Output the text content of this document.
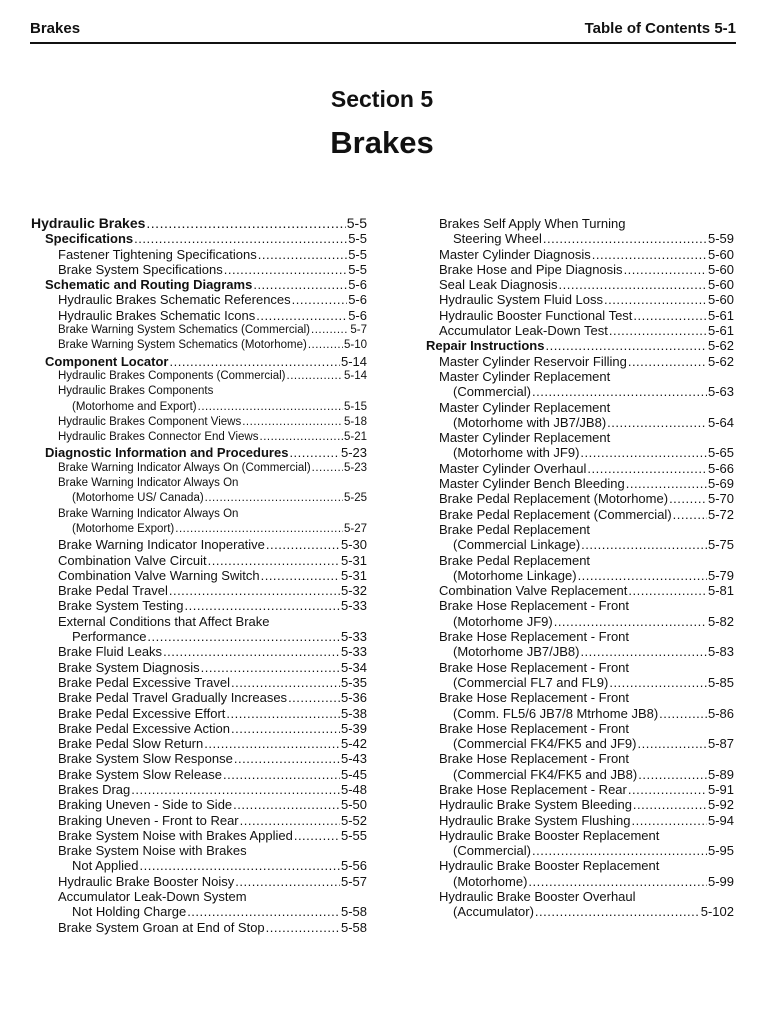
Brakes	Table of Contents 5-1
Section 5
Brakes
Hydraulic Brakes .....	5-5
Specifications .....	5-5
Fastener Tightening Specifications .....	5-5
Brake System Specifications .....	5-5
Schematic and Routing Diagrams .....	5-6
Hydraulic Brakes Schematic References .....	5-6
Hydraulic Brakes Schematic Icons .....	5-6
Brake Warning System Schematics (Commercial) .....	5-7
Brake Warning System Schematics (Motorhome) .....	5-10
Component Locator .....	5-14
Hydraulic Brakes Components (Commercial) .....	5-14
Hydraulic Brakes Components
(Motorhome and Export) .....	5-15
Hydraulic Brakes Component Views .....	5-18
Hydraulic Brakes Connector End Views .....	5-21
Diagnostic Information and Procedures .....	5-23
Brake Warning Indicator Always On (Commercial) .....	5-23
Brake Warning Indicator Always On
(Motorhome US/ Canada) .....	5-25
Brake Warning Indicator Always On
(Motorhome Export) .....	5-27
Brake Warning Indicator Inoperative .....	5-30
Combination Valve Circuit .....	5-31
Combination Valve Warning Switch .....	5-31
Brake Pedal Travel .....	5-32
Brake System Testing .....	5-33
External Conditions that Affect Brake
Performance .....	5-33
Brake Fluid Leaks .....	5-33
Brake System Diagnosis .....	5-34
Brake Pedal Excessive Travel .....	5-35
Brake Pedal Travel Gradually Increases .....	5-36
Brake Pedal Excessive Effort .....	5-38
Brake Pedal Excessive Action .....	5-39
Brake Pedal Slow Return .....	5-42
Brake System Slow Response .....	5-43
Brake System Slow Release .....	5-45
Brakes Drag .....	5-48
Braking Uneven - Side to Side .....	5-50
Braking Uneven - Front to Rear .....	5-52
Brake System Noise with Brakes Applied .....	5-55
Brake System Noise with Brakes
Not Applied .....	5-56
Hydraulic Brake Booster Noisy .....	5-57
Accumulator Leak-Down System
Not Holding Charge .....	5-58
Brake System Groan at End of Stop .....	5-58
Brakes Self Apply When Turning
Steering Wheel .....	5-59
Master Cylinder Diagnosis .....	5-60
Brake Hose and Pipe Diagnosis .....	5-60
Seal Leak Diagnosis .....	5-60
Hydraulic System Fluid Loss .....	5-60
Hydraulic Booster Functional Test .....	5-61
Accumulator Leak-Down Test .....	5-61
Repair Instructions .....	5-62
Master Cylinder Reservoir Filling .....	5-62
Master Cylinder Replacement
(Commercial) .....	5-63
Master Cylinder Replacement
(Motorhome with JB7/JB8) .....	5-64
Master Cylinder Replacement
(Motorhome with JF9) .....	5-65
Master Cylinder Overhaul .....	5-66
Master Cylinder Bench Bleeding .....	5-69
Brake Pedal Replacement (Motorhome) .....	5-70
Brake Pedal Replacement (Commercial) .....	5-72
Brake Pedal Replacement
(Commercial Linkage) .....	5-75
Brake Pedal Replacement
(Motorhome Linkage) .....	5-79
Combination Valve Replacement .....	5-81
Brake Hose Replacement - Front
(Motorhome JF9) .....	5-82
Brake Hose Replacement - Front
(Motorhome JB7/JB8) .....	5-83
Brake Hose Replacement - Front
(Commercial FL7 and FL9) .....	5-85
Brake Hose Replacement - Front
(Comm. FL5/6 JB7/8 Mtrhome JB8) .....	5-86
Brake Hose Replacement - Front
(Commercial FK4/FK5 and JF9) .....	5-87
Brake Hose Replacement - Front
(Commercial FK4/FK5 and JB8) .....	5-89
Brake Hose Replacement - Rear .....	5-91
Hydraulic Brake System Bleeding .....	5-92
Hydraulic Brake System Flushing .....	5-94
Hydraulic Brake Booster Replacement
(Commercial) .....	5-95
Hydraulic Brake Booster Replacement
(Motorhome) .....	5-99
Hydraulic Brake Booster Overhaul
(Accumulator) .....	5-102
